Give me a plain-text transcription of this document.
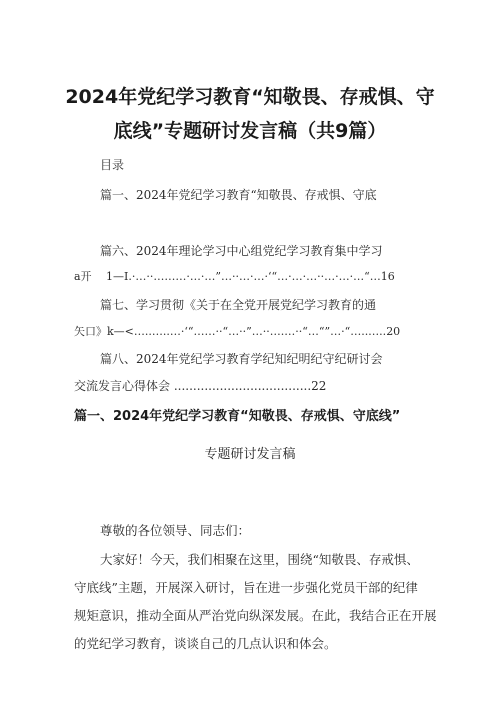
2024年党纪学习教育“知敬畏、存戒惧、守
底线”专题研讨发言稿（共9篇）
目录
篇一、2024年党纪学习教育“知敬畏、存戒惧、守底
篇六、2024年理论学习中心组党纪学习教育集中学习
a开　 1—I.·…··………·…·…”…··…·…·‘“…·…·…··…·…·…“…16
篇七、学习贯彻《关于在全党开展党纪学习教育的通
矢口》k—<…..…..…·‘“……··“…··”…··….…··“…“”…·“…..…..20
篇八、2024年党纪学习教育学纪知纪明纪守纪研讨会
交流发言心得体会 ....................................22
篇一、2024年党纪学习教育“知敬畏、存戒惧、守底线”
专题研讨发言稿
尊敬的各位领导、同志们：
大家好！今天，我们相聚在这里，围绕“知敬畏、存戒惧、
守底线”主题，开展深入研讨，旨在进一步强化党员干部的纪律
规矩意识，推动全面从严治党向纵深发展。在此，我结合正在开展
的党纪学习教育，谈谈自己的几点认识和体会。
